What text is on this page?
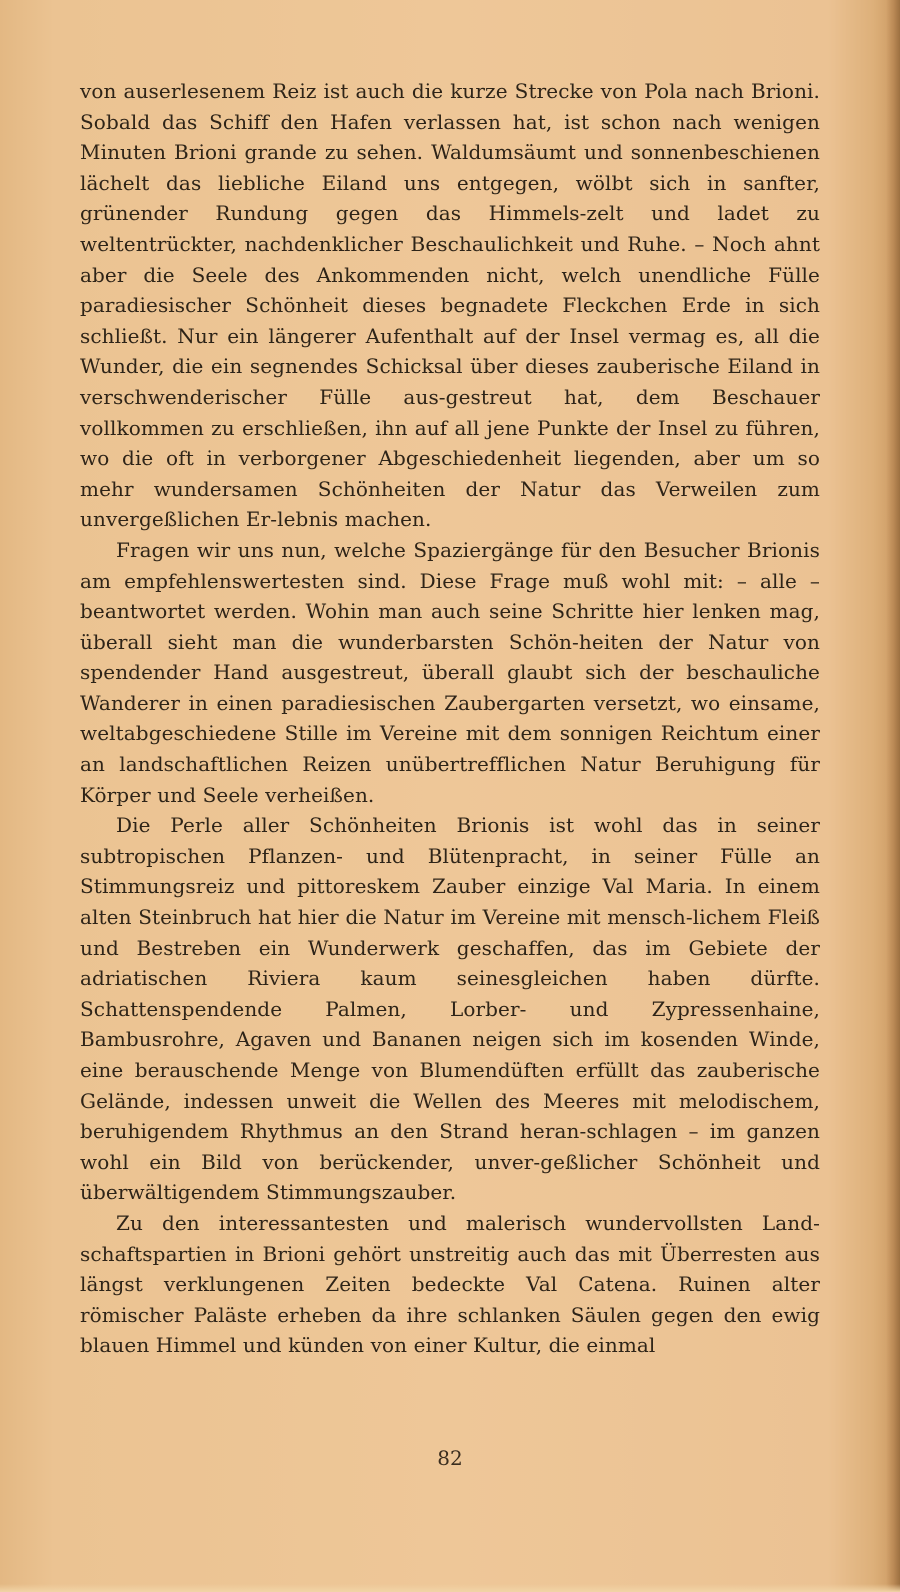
von auserlesenem Reiz ist auch die kurze Strecke von Pola nach Brioni. Sobald das Schiff den Hafen verlassen hat, ist schon nach wenigen Minuten Brioni grande zu sehen. Waldumsäumt und sonnenbeschienen lächelt das liebliche Eiland uns entgegen, wölbt sich in sanfter, grünender Rundung gegen das Himmels‐zelt und ladet zu weltentrückter, nachdenklicher Beschaulichkeit und Ruhe. – Noch ahnt aber die Seele des Ankommenden nicht, welch unendliche Fülle paradiesischer Schönheit dieses begnadete Fleckchen Erde in sich schließt. Nur ein längerer Aufenthalt auf der Insel vermag es, all die Wunder, die ein segnendes Schicksal über dieses zauberische Eiland in verschwenderischer Fülle aus‐gestreut hat, dem Beschauer vollkommen zu erschließen, ihn auf all jene Punkte der Insel zu führen, wo die oft in verborgener Abgeschiedenheit liegenden, aber um so mehr wundersamen Schönheiten der Natur das Verweilen zum unvergeßlichen Er‐lebnis machen.

Fragen wir uns nun, welche Spaziergänge für den Besucher Brionis am empfehlenswertesten sind. Diese Frage muß wohl mit: – alle – beantwortet werden. Wohin man auch seine Schritte hier lenken mag, überall sieht man die wunderbarsten Schön‐heiten der Natur von spendender Hand ausgestreut, überall glaubt sich der beschauliche Wanderer in einen paradiesischen Zaubergarten versetzt, wo einsame, weltabgeschiedene Stille im Vereine mit dem sonnigen Reichtum einer an landschaftlichen Reizen unübertrefflichen Natur Beruhigung für Körper und Seele verheißen.

Die Perle aller Schönheiten Brionis ist wohl das in seiner subtropischen Pflanzen‐ und Blütenpracht, in seiner Fülle an Stimmungsreiz und pittoreskem Zauber einzige Val Maria. In einem alten Steinbruch hat hier die Natur im Vereine mit mensch‐lichem Fleiß und Bestreben ein Wunderwerk geschaffen, das im Gebiete der adriatischen Riviera kaum seinesgleichen haben dürfte. Schattenspendende Palmen, Lorber‐ und Zypressenhaine, Bambusrohre, Agaven und Bananen neigen sich im kosenden Winde, eine berauschende Menge von Blumendüften erfüllt das zauberische Gelände, indessen unweit die Wellen des Meeres mit melodischem, beruhigendem Rhythmus an den Strand heran‐schlagen – im ganzen wohl ein Bild von berückender, unver‐geßlicher Schönheit und überwältigendem Stimmungszauber.

Zu den interessantesten und malerisch wundervollsten Land‐schaftspartien in Brioni gehört unstreitig auch das mit Überresten aus längst verklungenen Zeiten bedeckte Val Catena. Ruinen alter römischer Paläste erheben da ihre schlanken Säulen gegen den ewig blauen Himmel und künden von einer Kultur, die einmal

82
